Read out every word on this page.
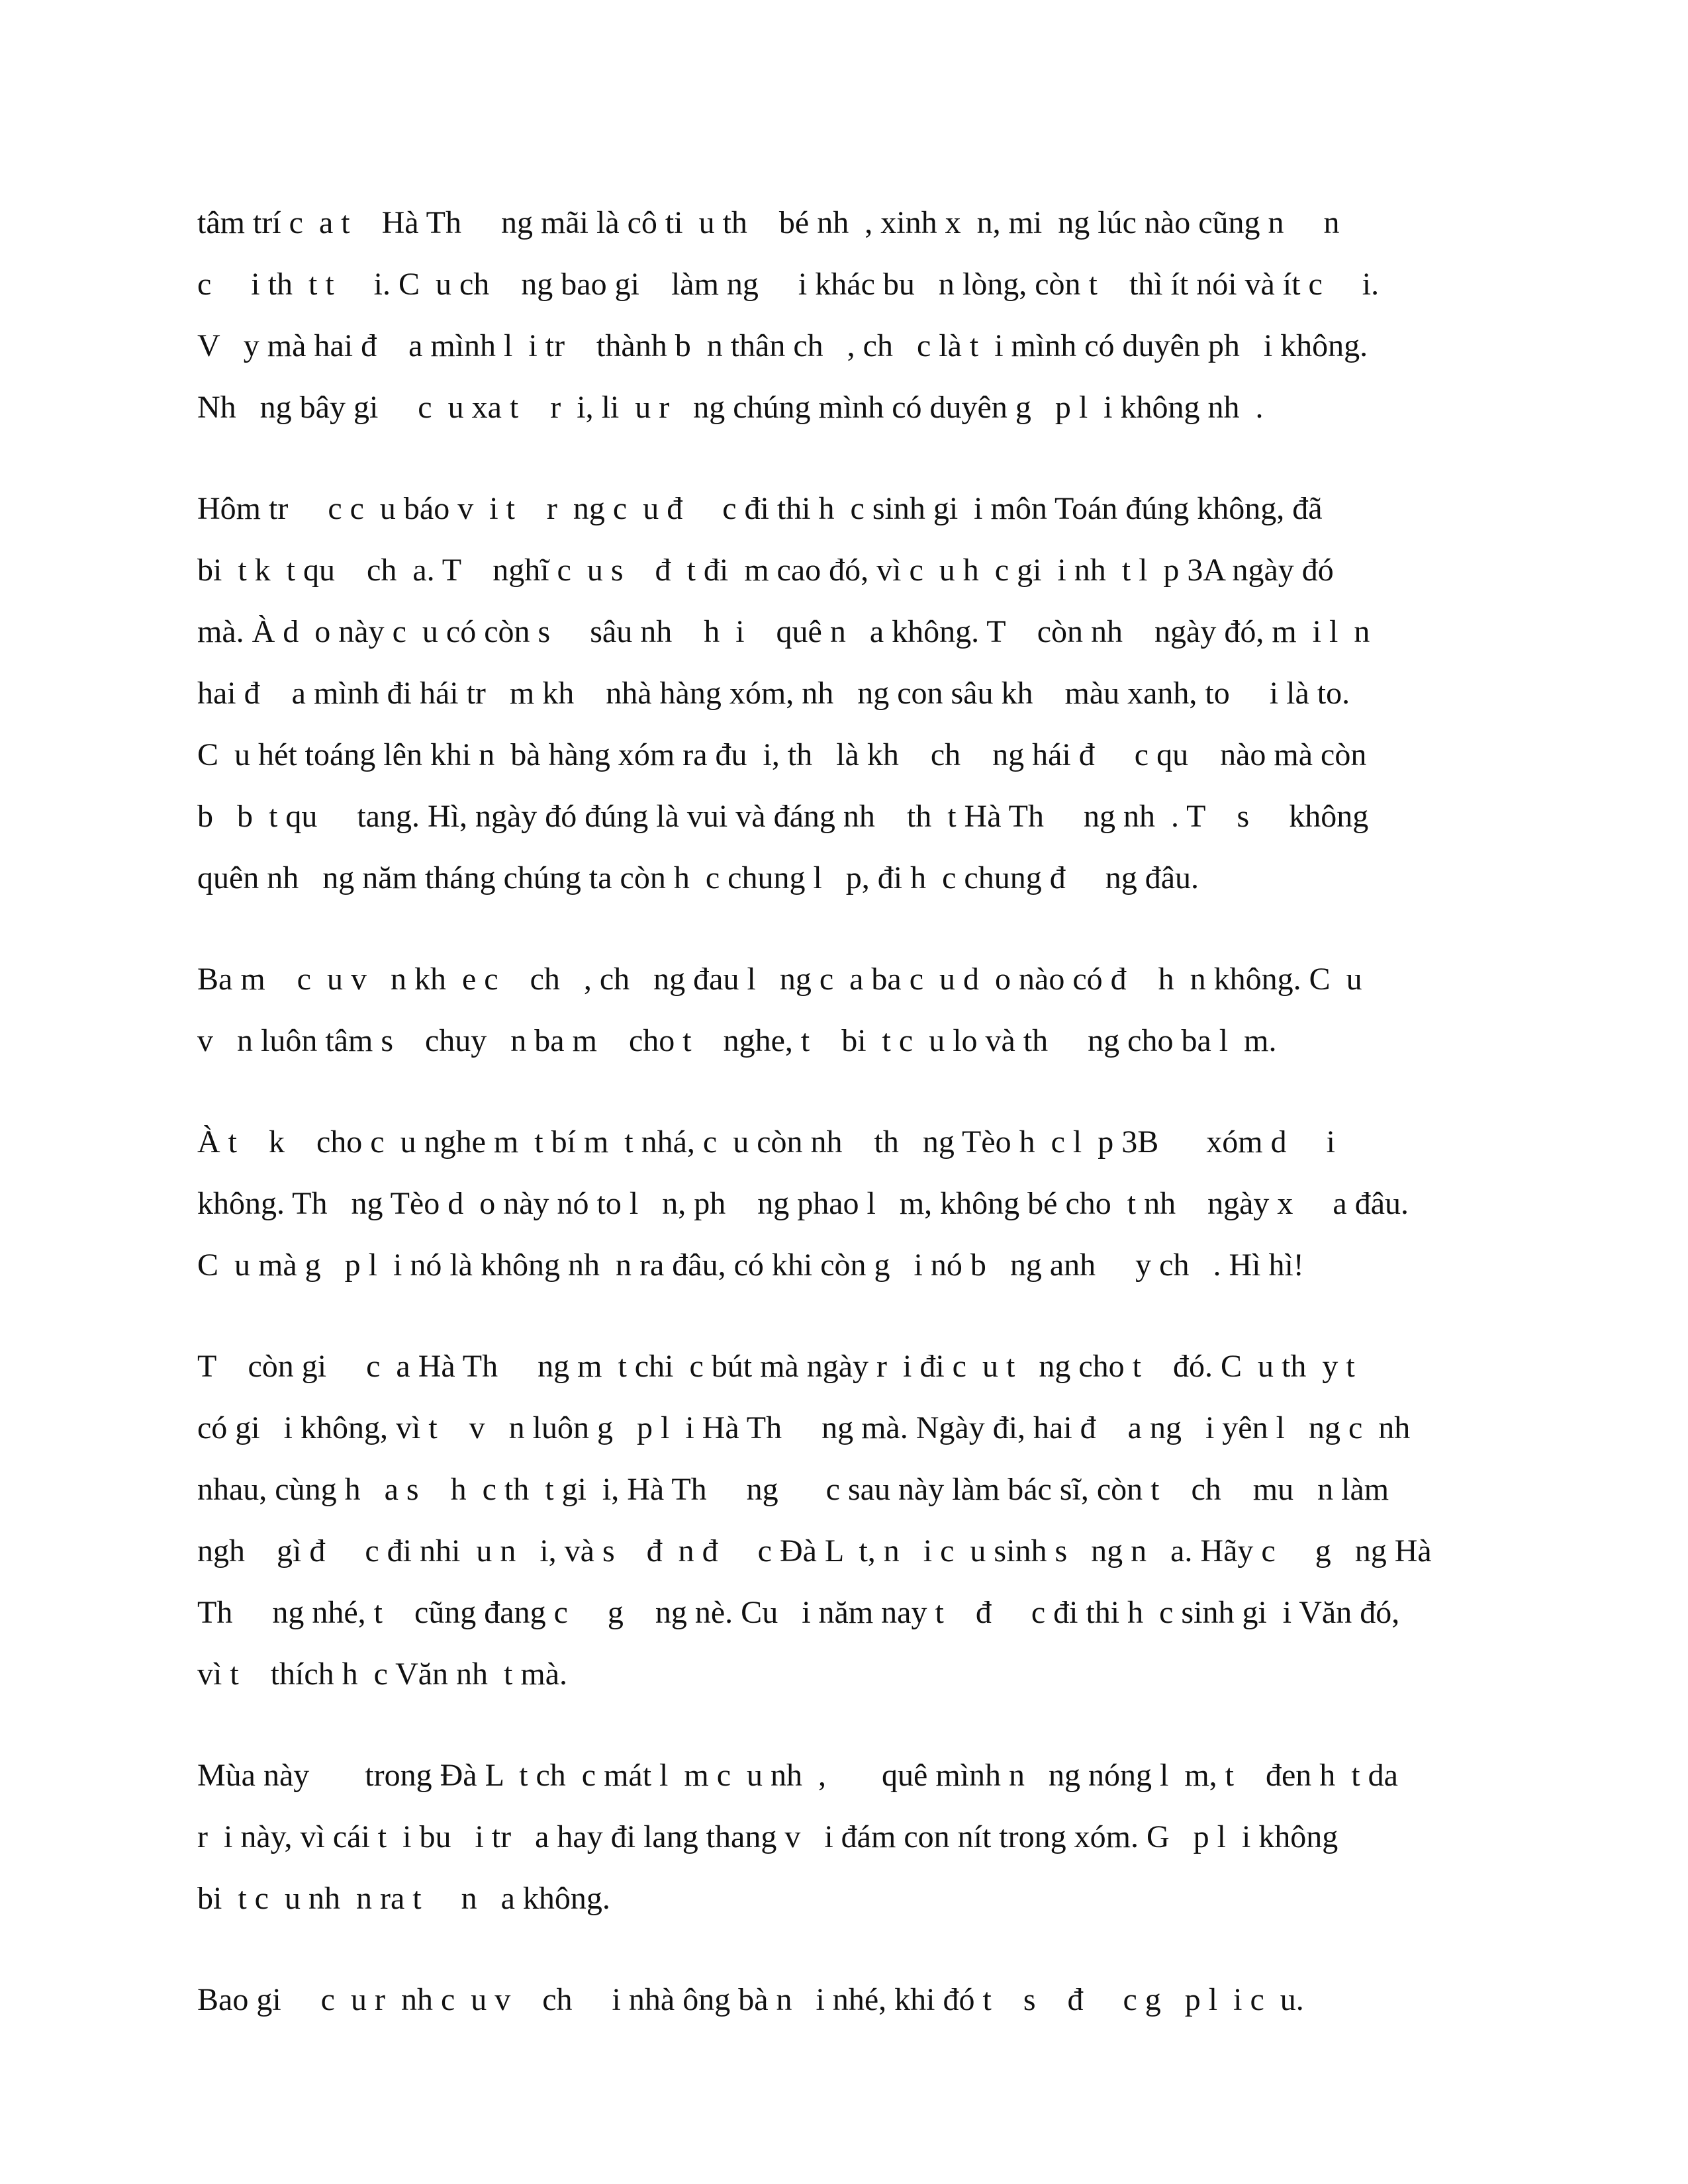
tâm trí c  a t    Hà Th     ng mãi là cô ti  u th    bé nh  , xinh x  n, mi  ng lúc nào cũng n     n
c     i th  t t     i. C  u ch    ng bao gi    làm ng     i khác bu   n lòng, còn t    thì ít nói và ít c     i.
V   y mà hai đ    a mình l  i tr    thành b  n thân ch   , ch   c là t  i mình có duyên ph   i không.
Nh   ng bây gi     c  u xa t    r  i, li  u r   ng chúng mình có duyên g   p l  i không nh  .
Hôm tr     c c  u báo v  i t    r  ng c  u đ     c đi thi h  c sinh gi  i môn Toán đúng không, đã
bi  t k  t qu    ch  a. T    nghĩ c  u s    đ  t đi  m cao đó, vì c  u h  c gi  i nh  t l  p 3A ngày đó
mà. À d  o này c  u có còn s     sâu nh    h  i    quê n   a không. T    còn nh    ngày đó, m  i l  n
hai đ    a mình đi hái tr   m kh    nhà hàng xóm, nh   ng con sâu kh    màu xanh, to     i là to.
C  u hét toáng lên khi n  bà hàng xóm ra đu  i, th   là kh    ch    ng hái đ     c qu    nào mà còn
b   b  t qu     tang. Hì, ngày đó đúng là vui và đáng nh    th  t Hà Th     ng nh  . T    s     không
quên nh   ng năm tháng chúng ta còn h  c chung l   p, đi h  c chung đ     ng đâu.
Ba m    c  u v   n kh  e c    ch   , ch   ng đau l   ng c  a ba c  u d  o nào có đ    h  n không. C  u
v   n luôn tâm s    chuy   n ba m    cho t    nghe, t    bi  t c  u lo và th     ng cho ba l  m.
À t    k    cho c  u nghe m  t bí m  t nhá, c  u còn nh    th   ng Tèo h  c l  p 3B      xóm d     i
không. Th   ng Tèo d  o này nó to l   n, ph    ng phao l   m, không bé cho  t nh    ngày x     a đâu.
C  u mà g   p l  i nó là không nh  n ra đâu, có khi còn g   i nó b   ng anh     y ch   . Hì hì!
T    còn gi     c  a Hà Th     ng m  t chi  c bút mà ngày r  i đi c  u t   ng cho t    đó. C  u th  y t
có gi   i không, vì t    v   n luôn g   p l  i Hà Th     ng mà. Ngày đi, hai đ    a ng   i yên l   ng c  nh
nhau, cùng h   a s    h  c th  t gi  i, Hà Th     ng      c sau này làm bác sĩ, còn t    ch    mu   n làm
ngh    gì đ     c đi nhi  u n   i, và s    đ  n đ     c Đà L  t, n   i c  u sinh s   ng n   a. Hãy c     g   ng Hà
Th     ng nhé, t    cũng đang c     g    ng nè. Cu   i năm nay t    đ     c đi thi h  c sinh gi  i Văn đó,
vì t    thích h  c Văn nh  t mà.
Mùa này       trong Đà L  t ch  c mát l  m c  u nh  ,       quê mình n   ng nóng l  m, t    đen h  t da
r  i này, vì cái t  i bu   i tr   a hay đi lang thang v   i đám con nít trong xóm. G   p l  i không
bi  t c  u nh  n ra t     n   a không.
Bao gi     c  u r  nh c  u v    ch     i nhà ông bà n   i nhé, khi đó t    s    đ     c g   p l  i c  u.
